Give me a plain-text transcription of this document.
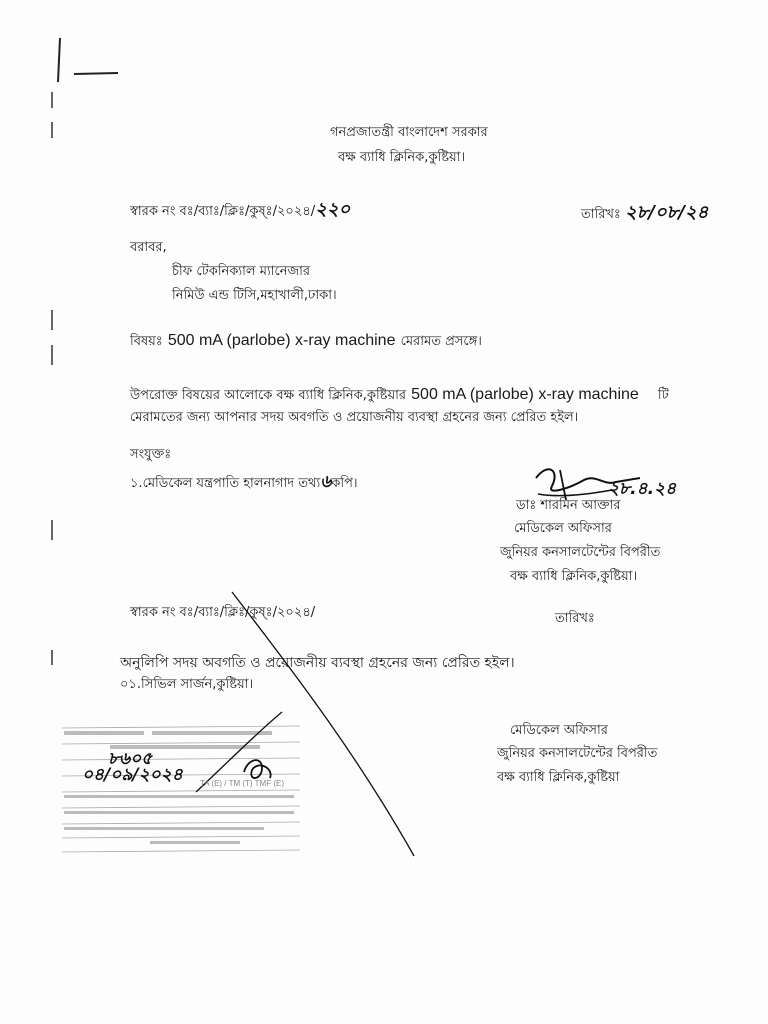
গনপ্রজাতন্ত্রী বাংলাদেশ সরকার
বক্ষ ব্যাধি ক্লিনিক,কুষ্টিয়া।
স্বারক নং বঃ/ব্যাঃ/ক্লিঃ/কুষ্ঃ/২০২৪/২২০	তারিখঃ ২৮/০৮/২৪
বরাবর,
চীফ টেকনিক্যাল ম্যানেজার
নিমিউ এন্ড টিসি,মহাখালী,ঢাকা।
বিষয়ঃ 500 mA (parlobe) x-ray machine মেরামত প্রসঙ্গে।
উপরোক্ত বিষয়ের আলোকে বক্ষ ব্যাধি ক্লিনিক,কুষ্টিয়ার 500 mA (parlobe) x-ray machine টি
মেরামতের জন্য আপনার সদয় অবগতি ও প্রয়োজনীয় ব্যবস্থা গ্রহনের জন্য প্রেরিত হইল।
সংযুক্তঃ
১.মেডিকেল যন্ত্রপাতি হালনাগাদ তথ্য৬কপি।	২৮.৪.২৪
ডাঃ শারমিন আক্তার
মেডিকেল অফিসার
জুনিয়র কনসালটেন্টের বিপরীত
বক্ষ ব্যাধি ক্লিনিক,কুষ্টিয়া।
স্বারক নং বঃ/ব্যাঃ/ক্লিঃ/কুষ্ঃ/২০২৪/	তারিখঃ
অনুলিপি সদয় অবগতি ও প্রয়োজনীয় ব্যবস্থা গ্রহনের জন্য প্রেরিত হইল।
০১.সিভিল সার্জন,কুষ্টিয়া।
মেডিকেল অফিসার
জুনিয়র কনসালটেন্টের বিপরীত
বক্ষ ব্যাধি ক্লিনিক,কুষ্টিয়া
৮৬০৫
০৪/০৯/২০২৪ TA (E) / TM (T) TMF (E)
